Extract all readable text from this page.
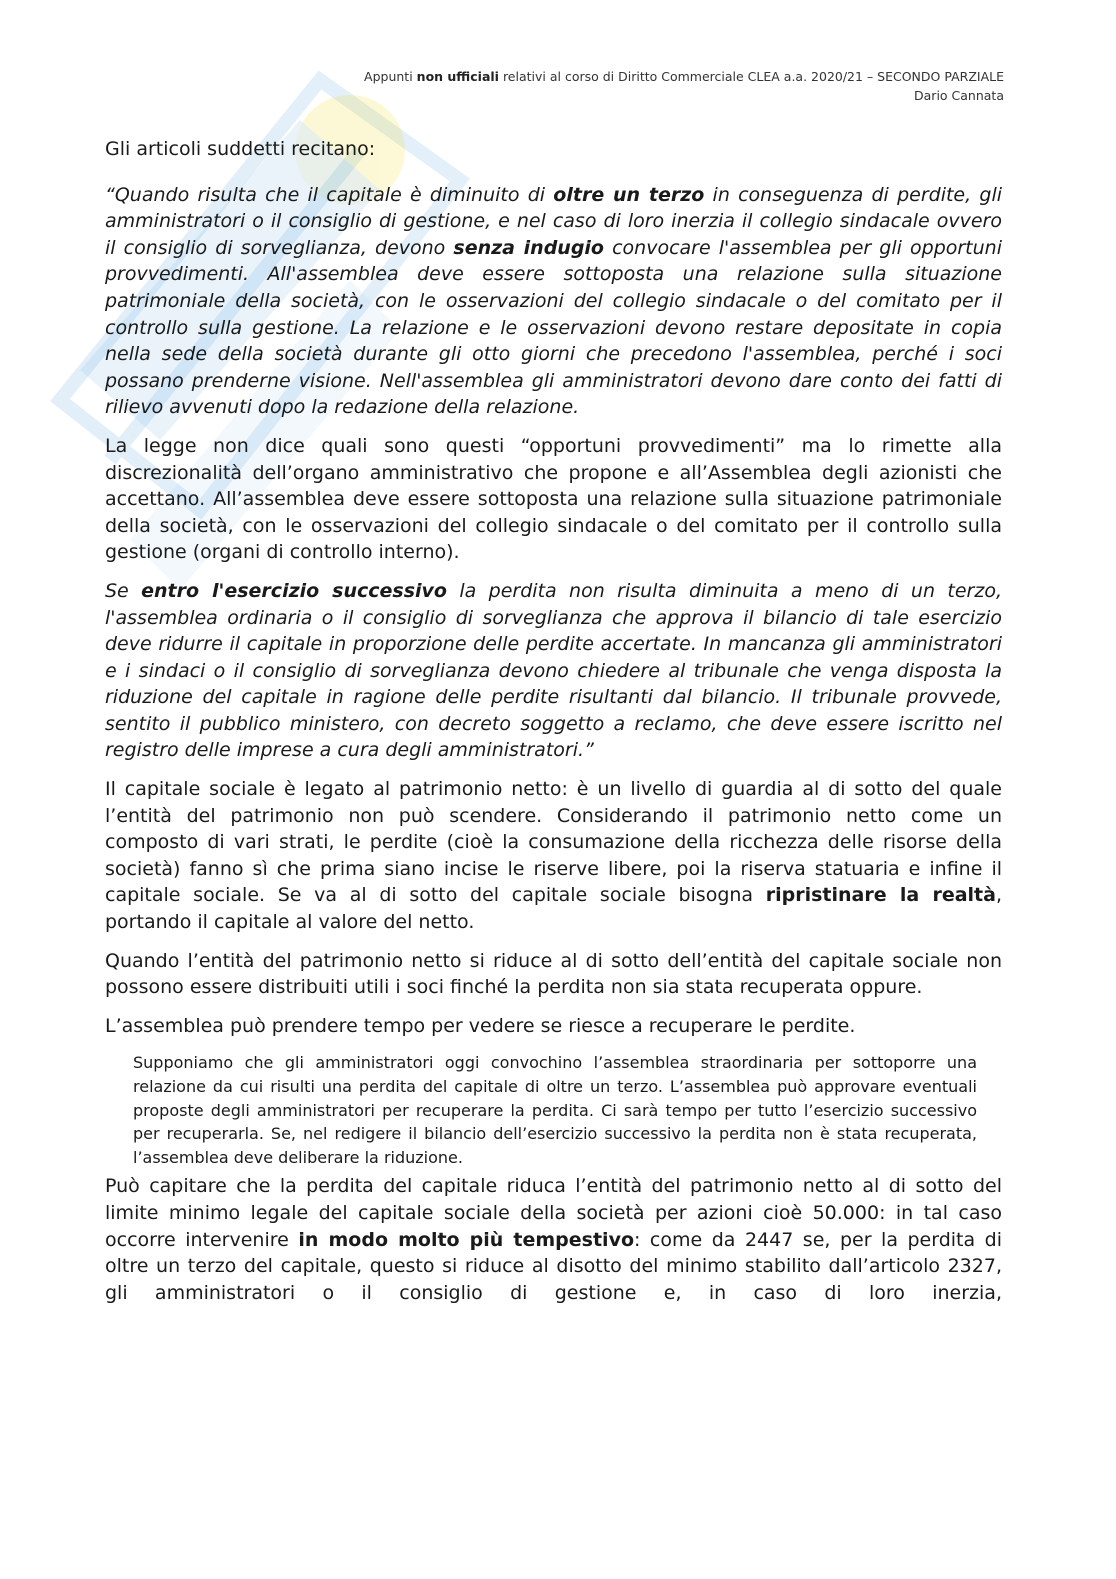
Appunti non ufficiali relativi al corso di Diritto Commerciale CLEA a.a. 2020/21 – SECONDO PARZIALE
Dario Cannata

Gli articoli suddetti recitano:

“Quando risulta che il capitale è diminuito di oltre un terzo in conseguenza di perdite, gli amministratori o il consiglio di gestione, e nel caso di loro inerzia il collegio sindacale ovvero il consiglio di sorveglianza, devono senza indugio convocare l'assemblea per gli opportuni provvedimenti. All'assemblea deve essere sottoposta una relazione sulla situazione patrimoniale della società, con le osservazioni del collegio sindacale o del comitato per il controllo sulla gestione. La relazione e le osservazioni devono restare depositate in copia nella sede della società durante gli otto giorni che precedono l'assemblea, perché i soci possano prenderne visione. Nell'assemblea gli amministratori devono dare conto dei fatti di rilievo avvenuti dopo la redazione della relazione.

La legge non dice quali sono questi “opportuni provvedimenti” ma lo rimette alla discrezionalità dell’organo amministrativo che propone e all’Assemblea degli azionisti che accettano. All’assemblea deve essere sottoposta una relazione sulla situazione patrimoniale della società, con le osservazioni del collegio sindacale o del comitato per il controllo sulla gestione (organi di controllo interno).

Se entro l'esercizio successivo la perdita non risulta diminuita a meno di un terzo, l'assemblea ordinaria o il consiglio di sorveglianza che approva il bilancio di tale esercizio deve ridurre il capitale in proporzione delle perdite accertate. In mancanza gli amministratori e i sindaci o il consiglio di sorveglianza devono chiedere al tribunale che venga disposta la riduzione del capitale in ragione delle perdite risultanti dal bilancio. Il tribunale provvede, sentito il pubblico ministero, con decreto soggetto a reclamo, che deve essere iscritto nel registro delle imprese a cura degli amministratori.”

Il capitale sociale è legato al patrimonio netto: è un livello di guardia al di sotto del quale l’entità del patrimonio non può scendere. Considerando il patrimonio netto come un composto di vari strati, le perdite (cioè la consumazione della ricchezza delle risorse della società) fanno sì che prima siano incise le riserve libere, poi la riserva statuaria e infine il capitale sociale. Se va al di sotto del capitale sociale bisogna ripristinare la realtà, portando il capitale al valore del netto.

Quando l’entità del patrimonio netto si riduce al di sotto dell’entità del capitale sociale non possono essere distribuiti utili i soci finché la perdita non sia stata recuperata oppure.

L’assemblea può prendere tempo per vedere se riesce a recuperare le perdite.

Supponiamo che gli amministratori oggi convochino l’assemblea straordinaria per sottoporre una relazione da cui risulti una perdita del capitale di oltre un terzo. L’assemblea può approvare eventuali proposte degli amministratori per recuperare la perdita. Ci sarà tempo per tutto l’esercizio successivo per recuperarla. Se, nel redigere il bilancio dell’esercizio successivo la perdita non è stata recuperata, l’assemblea deve deliberare la riduzione.

Può capitare che la perdita del capitale riduca l’entità del patrimonio netto al di sotto del limite minimo legale del capitale sociale della società per azioni cioè 50.000: in tal caso occorre intervenire in modo molto più tempestivo: come da 2447 se, per la perdita di oltre un terzo del capitale, questo si riduce al disotto del minimo stabilito dall’articolo 2327, gli amministratori o il consiglio di gestione e, in caso di loro inerzia,
